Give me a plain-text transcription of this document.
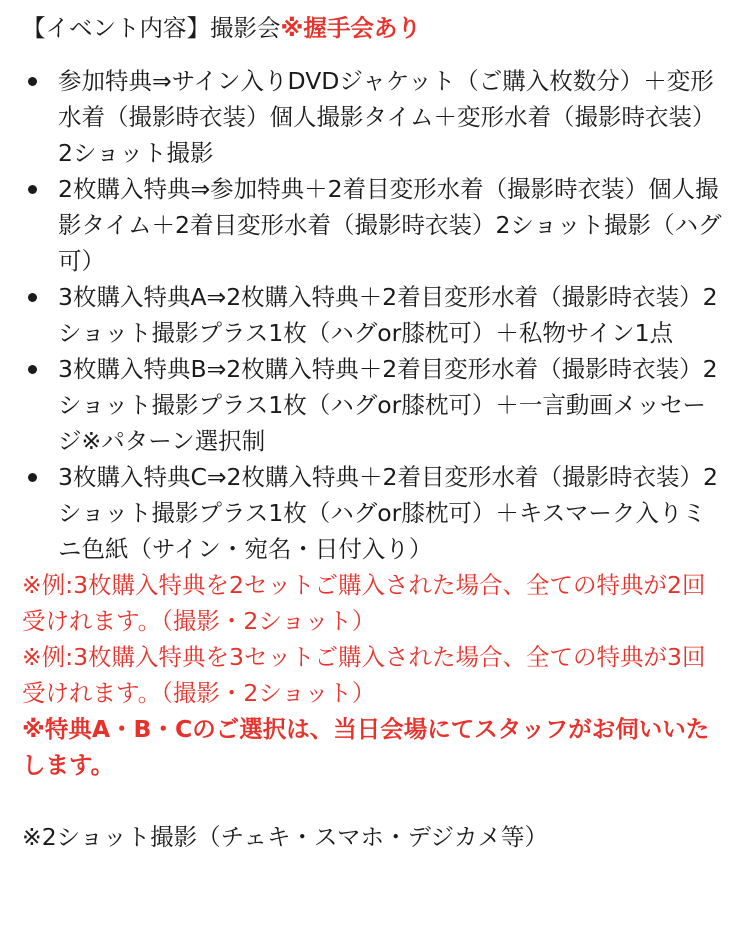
【イベント内容】撮影会※握手会あり

参加特典⇒サイン入りDVDジャケット（ご購入枚数分）＋変形水着（撮影時衣装）個人撮影タイム＋変形水着（撮影時衣装）2ショット撮影
2枚購入特典⇒参加特典＋2着目変形水着（撮影時衣装）個人撮影タイム＋2着目変形水着（撮影時衣装）2ショット撮影（ハグ可）
3枚購入特典A⇒2枚購入特典＋2着目変形水着（撮影時衣装）2ショット撮影プラス1枚（ハグor膝枕可）＋私物サイン1点
3枚購入特典B⇒2枚購入特典＋2着目変形水着（撮影時衣装）2ショット撮影プラス1枚（ハグor膝枕可）＋一言動画メッセージ※パターン選択制
3枚購入特典C⇒2枚購入特典＋2着目変形水着（撮影時衣装）2ショット撮影プラス1枚（ハグor膝枕可）＋キスマーク入りミニ色紙（サイン・宛名・日付入り）

※例:3枚購入特典を2セットご購入された場合、全ての特典が2回受けれます。（撮影・2ショット）

※例:3枚購入特典を3セットご購入された場合、全ての特典が3回受けれます。（撮影・2ショット）

※特典A・B・Cのご選択は、当日会場にてスタッフがお伺いいたします。

※2ショット撮影（チェキ・スマホ・デジカメ等）
